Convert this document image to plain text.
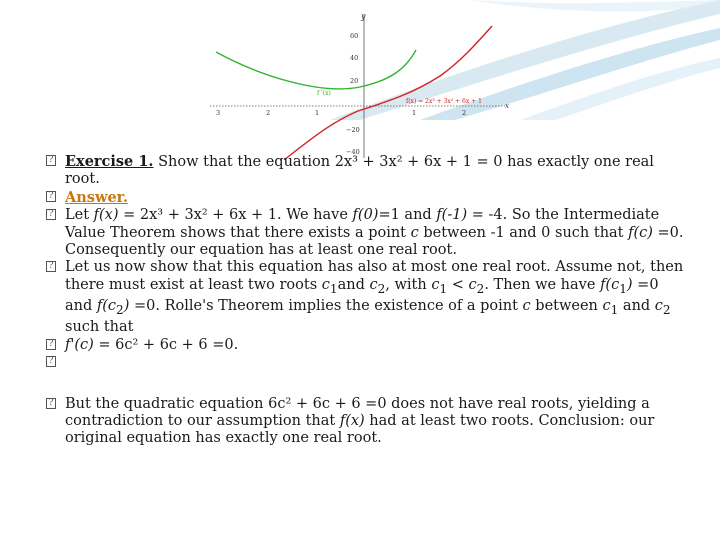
y
x
60
40
20
−20
−40
3	2	1	1	2
f '(x)
f(x) = 2x³ + 3x² + 6x + 1

? Exercise 1. Show that the equation 2x³ + 3x² + 6x + 1 = 0 has exactly one real root.

? Answer.

? Let f(x) = 2x³ + 3x² + 6x + 1. We have f(0)=1 and f(-1) = -4. So the Intermediate Value Theorem shows that there exists a point c between -1 and 0 such that f(c) =0. Consequently our equation has at least one real root.

? Let us now show that this equation has also at most one real root. Assume not, then there must exist at least two roots $c_1and$ $c_2$, with $c_1 < c_2$. Then we have $f(c_1) =0$ and $f(c_2) =0$. Rolle's Theorem implies the existence of a point c between $c_1$ and $c_2$ such that

? f'(c) = 6c² + 6c + 6 =0.

?

? But the quadratic equation 6c² + 6c + 6 =0 does not have real roots, yielding a contradiction to our assumption that f(x) had at least two roots. Conclusion: our original equation has exactly one real root.
